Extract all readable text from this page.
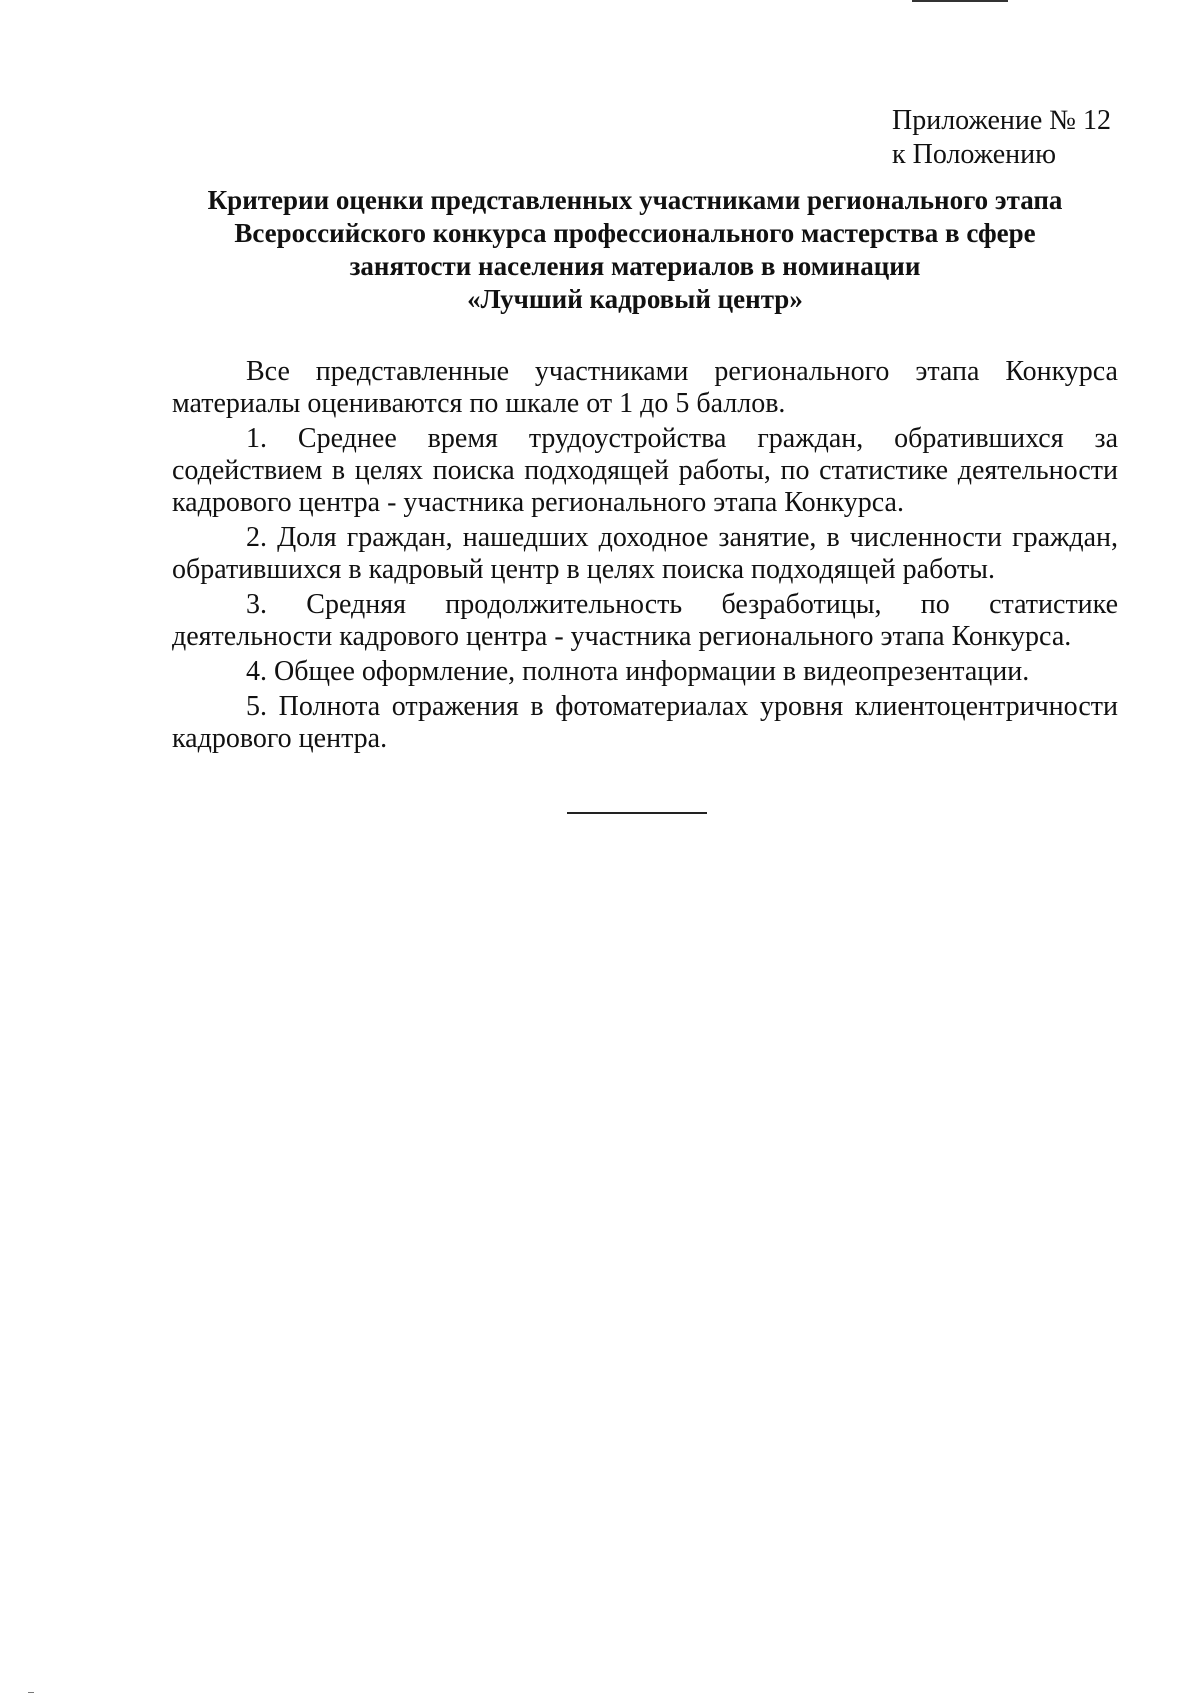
Приложение № 12
к Положению
Критерии оценки представленных участниками регионального этапа
Всероссийского конкурса профессионального мастерства в сфере
занятости населения материалов в номинации
«Лучший кадровый центр»

Все представленные участниками регионального этапа Конкурса материалы оцениваются по шкале от 1 до 5 баллов.

1. Среднее время трудоустройства граждан, обратившихся за содействием в целях поиска подходящей работы, по статистике деятельности кадрового центра - участника регионального этапа Конкурса.

2. Доля граждан, нашедших доходное занятие, в численности граждан, обратившихся в кадровый центр в целях поиска подходящей работы.

3. Средняя продолжительность безработицы, по статистике деятельности кадрового центра - участника регионального этапа Конкурса.

4. Общее оформление, полнота информации в видеопрезентации.

5. Полнота отражения в фотоматериалах уровня клиентоцентричности кадрового центра.
